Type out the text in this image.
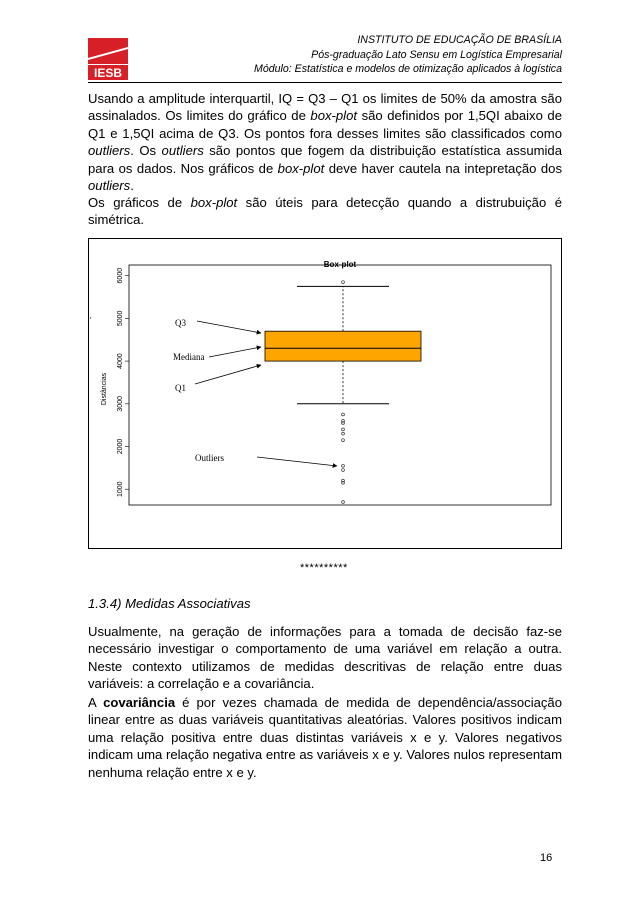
INSTITUTO DE EDUCAÇÃO DE BRASÍLIA
Pós-graduação Lato Sensu em Logística Empresarial
Módulo: Estatística e modelos de otimização aplicados à logística
IESB

Usando a amplitude interquartil, IQ = Q3 – Q1 os limites de 50% da amostra são assinalados. Os limites do gráfico de box-plot são definidos por 1,5QI abaixo de Q1 e 1,5QI acima de Q3. Os pontos fora desses limites são classificados como outliers. Os outliers são pontos que fogem da distribuição estatística assumida para os dados. Nos gráficos de box-plot deve haver cautela na intepretação dos outliers.

Os gráficos de box-plot são úteis para detecção quando a distrubuição é simétrica.

Box-plot
Distâncias
'
1000
2000
3000
4000
5000
6000
Q3
Mediana
Q1
Outliers
**********
1.3.4) Medidas Associativas

Usualmente, na geração de informações para a tomada de decisão faz-se necessário investigar o comportamento de uma variável em relação a outra. Neste contexto utilizamos de medidas descritivas de relação entre duas variáveis: a correlação e a covariância.

A covariância é por vezes chamada de medida de dependência/associação linear entre as duas variáveis quantitativas aleatórias. Valores positivos indicam uma relação positiva entre duas distintas variáveis x e y. Valores negativos indicam uma relação negativa entre as variáveis x e y. Valores nulos representam nenhuma relação entre x e y.

16
